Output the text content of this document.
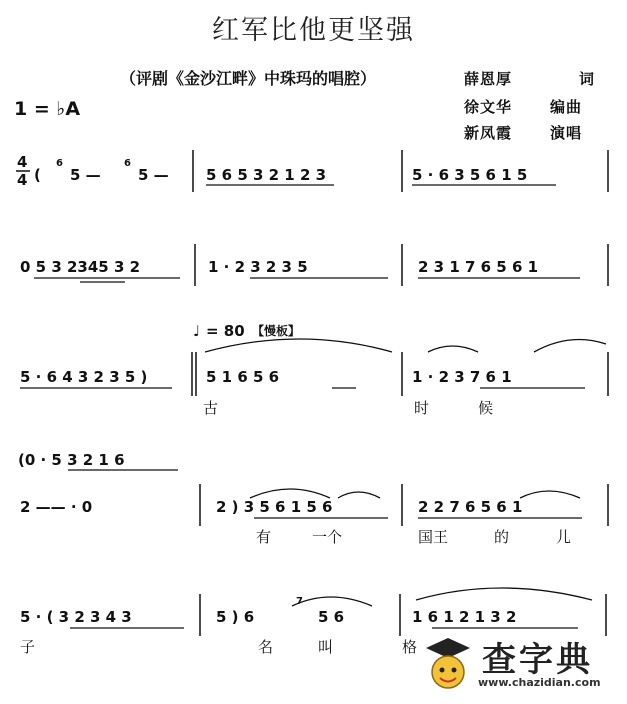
红军比他更坚强
（评剧《金沙江畔》中珠玛的唱腔）
1 = ♭A
薛恩厚	词
徐文华	编曲
新凤霞	演唱
4
4 (
6
5 —
6
5 — 5 6 5 3 2 1 2 3	5 · 6 3 5 6 1 5
0 5 3 2345 3 2	1 · 2 3 2 3 5	2 3 1 7 6 5 6 1
♩ = 80 【慢板】
5 · 6 4 3 2 3 5 )	5 1 6 5 6	1 · 2 3 7 6 1
古	时	候
(0 · 5 3 2 1 6
2 —— · 0	2 ) 3 5 6 1 5 6	2 2 7 6 5 6 1
有	一个	国王	的	儿
5 · ( 3 2 3 4 3	5 ) 6
7
5 6	1 6 1 2 1 3 2
子	名	叫	格 查字典
www.chazidian.com
